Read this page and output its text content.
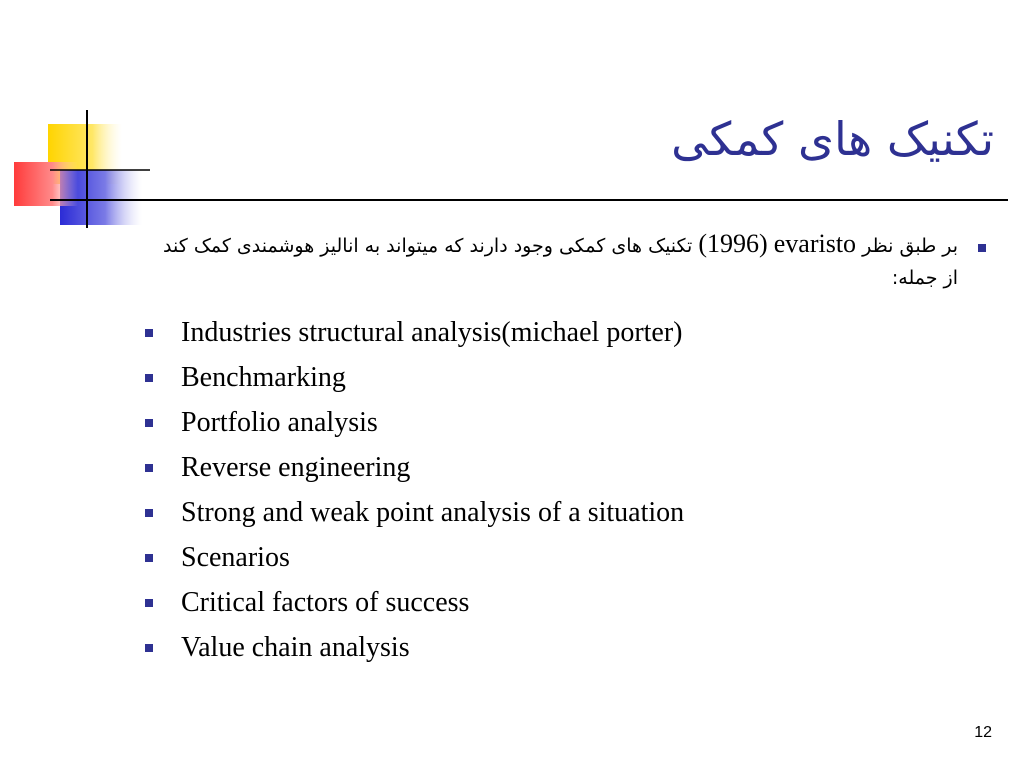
تکنیک های کمکی
بر طبق نظر evaristo (1996) تکنیک های کمکی وجود دارند که میتواند به انالیز هوشمندی کمک کند از جمله:
Industries structural analysis(michael porter)
Benchmarking
Portfolio analysis
Reverse engineering
Strong and weak point analysis of a situation
Scenarios
Critical factors of success
Value chain analysis
12
